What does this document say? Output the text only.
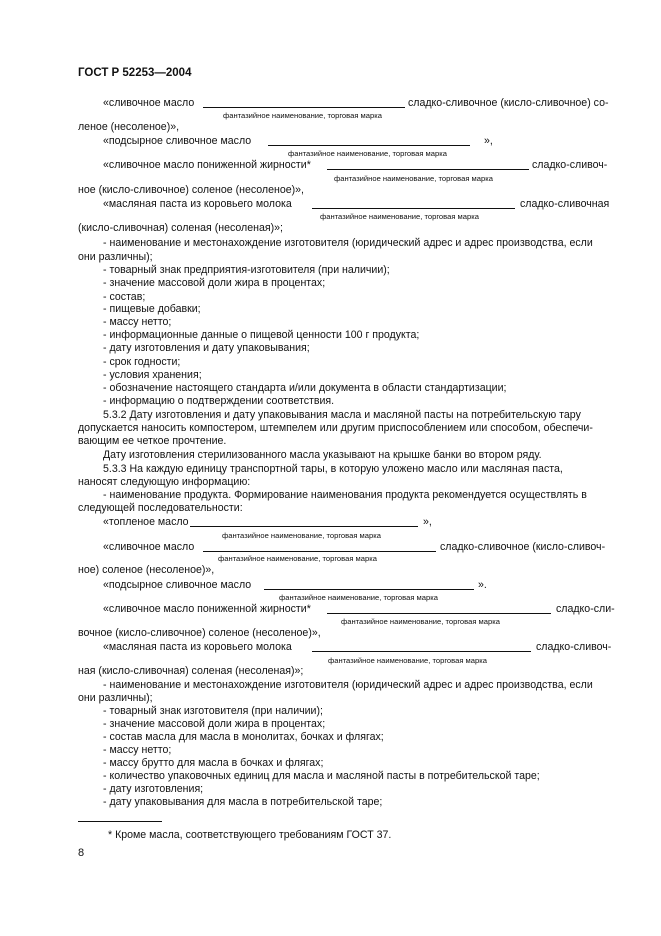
ГОСТ Р 52253—2004
«сливочное масло	сладко-сливочное (кисло-сливочное) со-
фантазийное наименование, торговая марка
леное (несоленое)»,
«подсырное сливочное масло	»,
фантазийное наименование, торговая марка
«сливочное масло пониженной жирности*	сладко-сливоч-
фантазийное наименование, торговая марка
ное (кисло-сливочное) соленое (несоленое)»,
«масляная паста из коровьего молока	сладко-сливочная
фантазийное наименование, торговая марка
(кисло-сливочная) соленая (несоленая)»;
- наименование и местонахождение изготовителя (юридический адрес и адрес производства, если
они различны);
- товарный знак предприятия-изготовителя (при наличии);
- значение массовой доли жира в процентах;
- состав;
- пищевые добавки;
- массу нетто;
- информационные данные о пищевой ценности 100 г продукта;
- дату изготовления и дату упаковывания;
- срок годности;
- условия хранения;
- обозначение настоящего стандарта и/или документа в области стандартизации;
- информацию о подтверждении соответствия.
5.3.2 Дату изготовления и дату упаковывания масла и масляной пасты на потребительскую тару
допускается наносить компостером, штемпелем или другим приспособлением или способом, обеспечи-
вающим ее четкое прочтение.
Дату изготовления стерилизованного масла указывают на крышке банки во втором ряду.
5.3.3 На каждую единицу транспортной тары, в которую уложено масло или масляная паста,
наносят следующую информацию:
- наименование продукта. Формирование наименования продукта рекомендуется осуществлять в
следующей последовательности:
«топленое масло	»,
фантазийное наименование, торговая марка
«сливочное масло	сладко-сливочное (кисло-сливоч-
фантазийное наименование, торговая марка
ное) соленое (несоленое)»,
«подсырное сливочное масло	».
фантазийное наименование, торговая марка
«сливочное масло пониженной жирности*	сладко-сли-
фантазийное наименование, торговая марка
вочное (кисло-сливочное) соленое (несоленое)»,
«масляная паста из коровьего молока	сладко-сливоч-
фантазийное наименование, торговая марка
ная (кисло-сливочная) соленая (несоленая)»;
- наименование и местонахождение изготовителя (юридический адрес и адрес производства, если
они различны);
- товарный знак изготовителя (при наличии);
- значение массовой доли жира в процентах;
- состав масла для масла в монолитах, бочках и флягах;
- массу нетто;
- массу брутто для масла в бочках и флягах;
- количество упаковочных единиц для масла и масляной пасты в потребительской таре;
- дату изготовления;
- дату упаковывания для масла в потребительской таре;
* Кроме масла, соответствующего требованиям ГОСТ 37.
8
